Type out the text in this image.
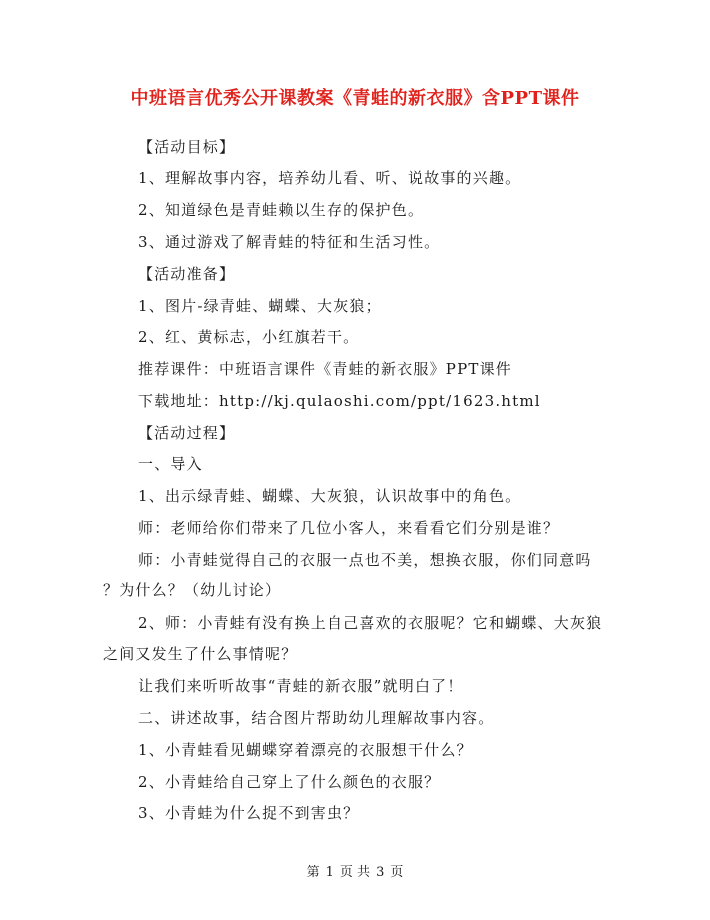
中班语言优秀公开课教案《青蛙的新衣服》含PPT课件
【活动目标】
1、理解故事内容，培养幼儿看、听、说故事的兴趣。
2、知道绿色是青蛙赖以生存的保护色。
3、通过游戏了解青蛙的特征和生活习性。
【活动准备】
1、图片-绿青蛙、蝴蝶、大灰狼；
2、红、黄标志，小红旗若干。
推荐课件：中班语言课件《青蛙的新衣服》PPT课件
下载地址：http://kj.qulaoshi.com/ppt/1623.html
【活动过程】
一、导入
1、出示绿青蛙、蝴蝶、大灰狼，认识故事中的角色。
师：老师给你们带来了几位小客人，来看看它们分别是谁？
师：小青蛙觉得自己的衣服一点也不美，想换衣服，你们同意吗
？为什么？（幼儿讨论）
2、师：小青蛙有没有换上自己喜欢的衣服呢？它和蝴蝶、大灰狼
之间又发生了什么事情呢？
让我们来听听故事“青蛙的新衣服”就明白了！
二、讲述故事，结合图片帮助幼儿理解故事内容。
1、小青蛙看见蝴蝶穿着漂亮的衣服想干什么？
2、小青蛙给自己穿上了什么颜色的衣服？
3、小青蛙为什么捉不到害虫？
第 1 页 共 3 页
